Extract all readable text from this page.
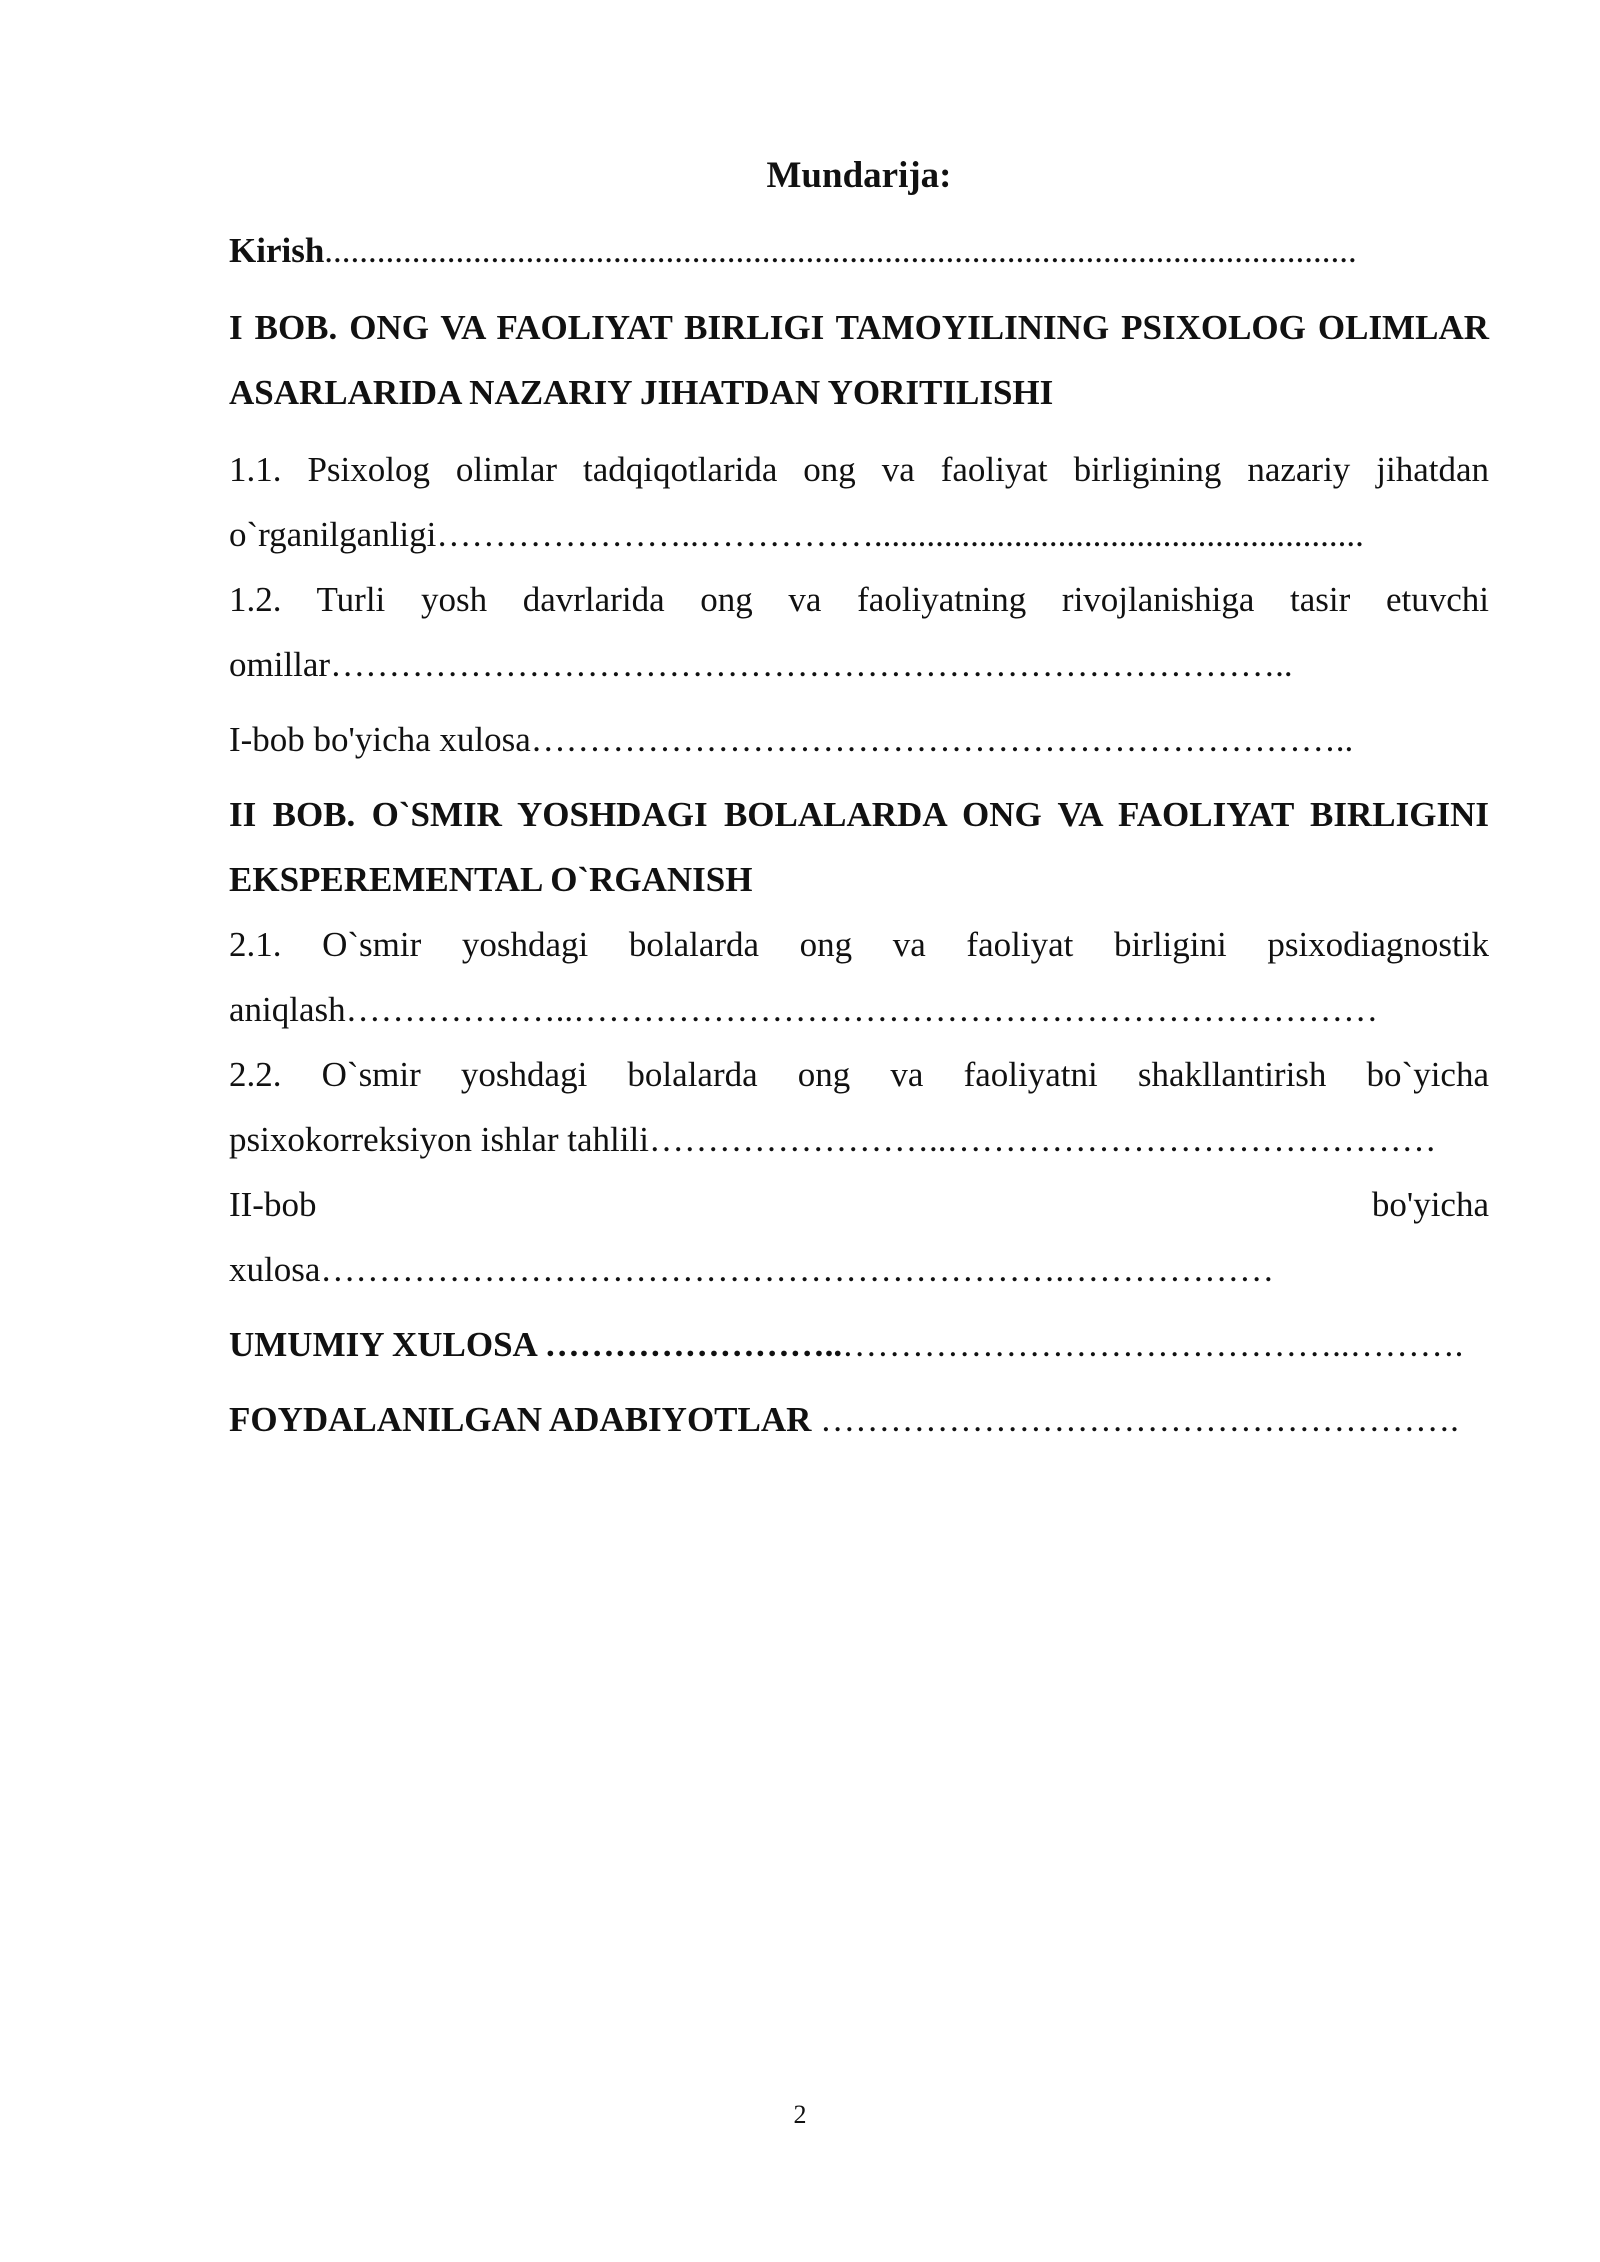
Mundarija:

Kirish......................................................................................................................

I BOB. ONG VA FAOLIYAT BIRLIGI TAMOYILINING PSIXOLOG OLIMLAR ASARLARIDA NAZARIY JIHATDAN YORITILISHI

1.1. Psixolog olimlar tadqiqotlarida ong va faoliyat birligining nazariy jihatdan o`rganilganligi…………………..……………........................................................

1.2. Turli yosh davrlarida ong va faoliyatning rivojlanishiga tasir etuvchi omillar………………………………………………………………………..

I-bob bo'yicha xulosa……………………………………………………………..

II BOB. O`SMIR YOSHDAGI BOLALARDA ONG VA FAOLIYAT BIRLIGINI EKSPEREMENTAL O`RGANISH

2.1. O`smir yoshdagi bolalarda ong va faoliyat birligini psixodiagnostik aniqlash………………..……………………………………………………………

2.2. O`smir yoshdagi bolalarda ong va faoliyatni shakllantirish bo`yicha psixokorreksiyon ishlar tahlili……………………..……………………………………

II-bob bo'yicha xulosa……………………………………………………….………………

UMUMIY XULOSA ……………………..……………………………………..……….

FOYDALANILGAN ADABIYOTLAR ……………………………………………….

2
